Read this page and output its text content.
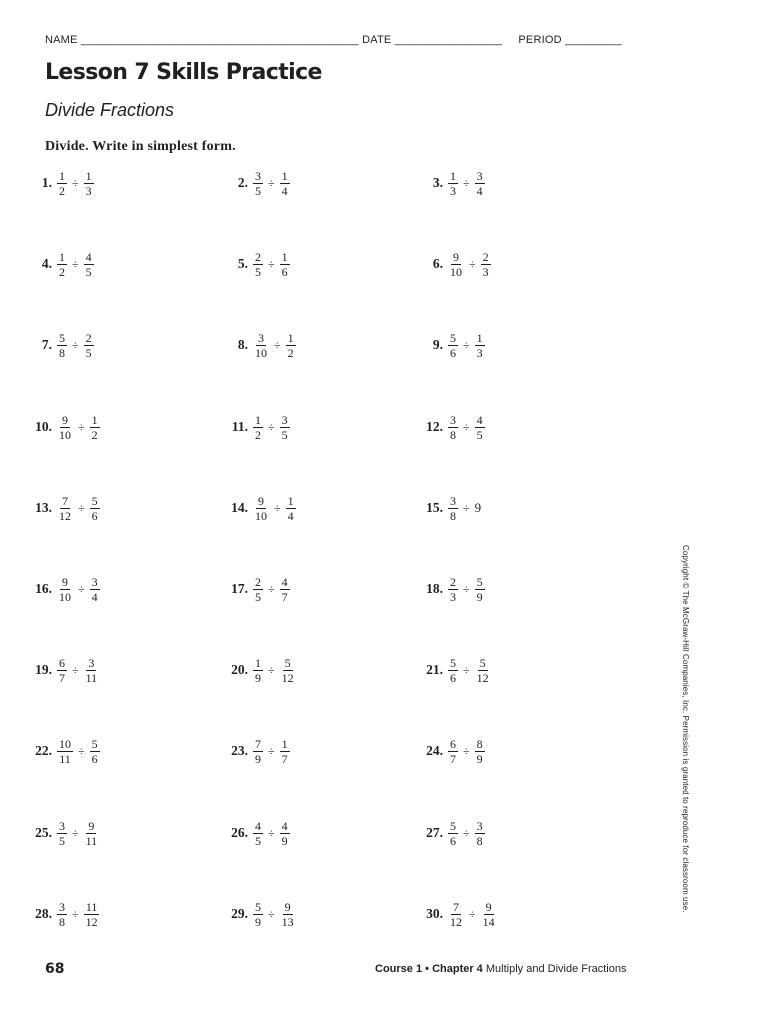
NAME ____________________________________________ DATE _________________ PERIOD _________
Lesson 7 Skills Practice
Divide Fractions
Divide. Write in simplest form.
1. $\frac{1}{2} \div \frac{1}{3}$	2. $\frac{3}{5} \div \frac{1}{4}$	3. $\frac{1}{3} \div \frac{3}{4}$
4. $\frac{1}{2} \div \frac{4}{5}$	5. $\frac{2}{5} \div \frac{1}{6}$	6. $\frac{9}{10} \div \frac{2}{3}$
7. $\frac{5}{8} \div \frac{2}{5}$	8. $\frac{3}{10} \div \frac{1}{2}$	9. $\frac{5}{6} \div \frac{1}{3}$
10. $\frac{9}{10} \div \frac{1}{2}$	11. $\frac{1}{2} \div \frac{3}{5}$	12. $\frac{3}{8} \div \frac{4}{5}$
13. $\frac{7}{12} \div \frac{5}{6}$	14. $\frac{9}{10} \div \frac{1}{4}$	15. $\frac{3}{8} \div 9$
16. $\frac{9}{10} \div \frac{3}{4}$	17. $\frac{2}{5} \div \frac{4}{7}$	18. $\frac{2}{3} \div \frac{5}{9}$
19. $\frac{6}{7} \div \frac{3}{11}$	20. $\frac{1}{9} \div \frac{5}{12}$	21. $\frac{5}{6} \div \frac{5}{12}$
22. $\frac{10}{11} \div \frac{5}{6}$	23. $\frac{7}{9} \div \frac{1}{7}$	24. $\frac{6}{7} \div \frac{8}{9}$
25. $\frac{3}{5} \div \frac{9}{11}$	26. $\frac{4}{5} \div \frac{4}{9}$	27. $\frac{5}{6} \div \frac{3}{8}$
28. $\frac{3}{8} \div \frac{11}{12}$	29. $\frac{5}{9} \div \frac{9}{13}$	30. $\frac{7}{12} \div \frac{9}{14}$
Copyright © The McGraw-Hill Companies, Inc. Permission is granted to reproduce for classroom use.
68	Course 1 • Chapter 4 Multiply and Divide Fractions
